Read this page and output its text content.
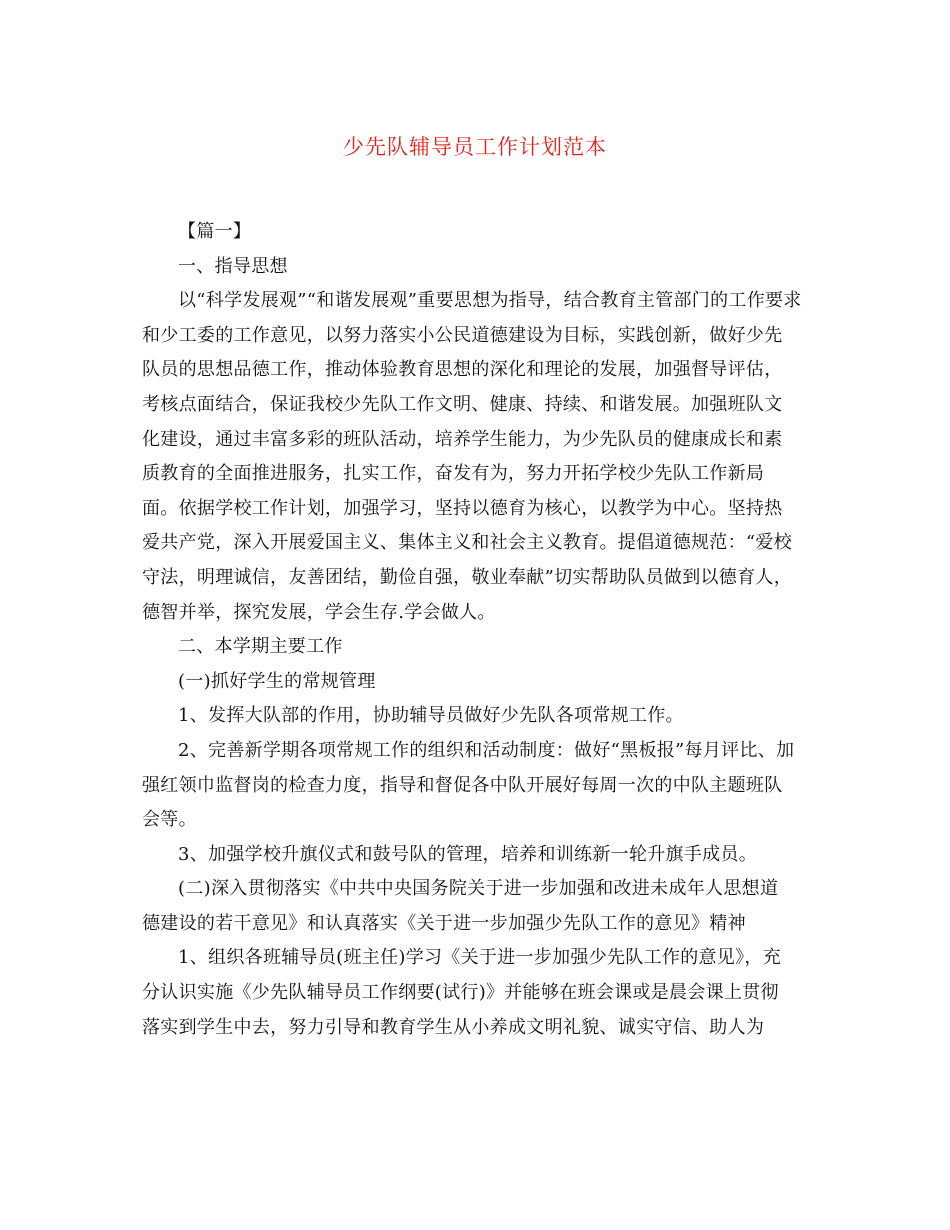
少先队辅导员工作计划范本
【篇一】
一、指导思想
以“科学发展观”“和谐发展观”重要思想为指导，结合教育主管部门的工作要求
和少工委的工作意见，以努力落实小公民道德建设为目标，实践创新，做好少先
队员的思想品德工作，推动体验教育思想的深化和理论的发展，加强督导评估，
考核点面结合，保证我校少先队工作文明、健康、持续、和谐发展。加强班队文
化建设，通过丰富多彩的班队活动，培养学生能力，为少先队员的健康成长和素
质教育的全面推进服务，扎实工作，奋发有为，努力开拓学校少先队工作新局
面。依据学校工作计划，加强学习，坚持以德育为核心，以教学为中心。坚持热
爱共产党，深入开展爱国主义、集体主义和社会主义教育。提倡道德规范：“爱校
守法，明理诚信，友善团结，勤俭自强，敬业奉献”切实帮助队员做到以德育人，
德智并举，探究发展，学会生存.学会做人。
二、本学期主要工作
(一)抓好学生的常规管理
1、发挥大队部的作用，协助辅导员做好少先队各项常规工作。
2、完善新学期各项常规工作的组织和活动制度：做好“黑板报”每月评比、加
强红领巾监督岗的检查力度，指导和督促各中队开展好每周一次的中队主题班队
会等。
3、加强学校升旗仪式和鼓号队的管理，培养和训练新一轮升旗手成员。
(二)深入贯彻落实《中共中央国务院关于进一步加强和改进未成年人思想道
德建设的若干意见》和认真落实《关于进一步加强少先队工作的意见》精神
1、组织各班辅导员(班主任)学习《关于进一步加强少先队工作的意见》，充
分认识实施《少先队辅导员工作纲要(试行)》并能够在班会课或是晨会课上贯彻
落实到学生中去，努力引导和教育学生从小养成文明礼貌、诚实守信、助人为
